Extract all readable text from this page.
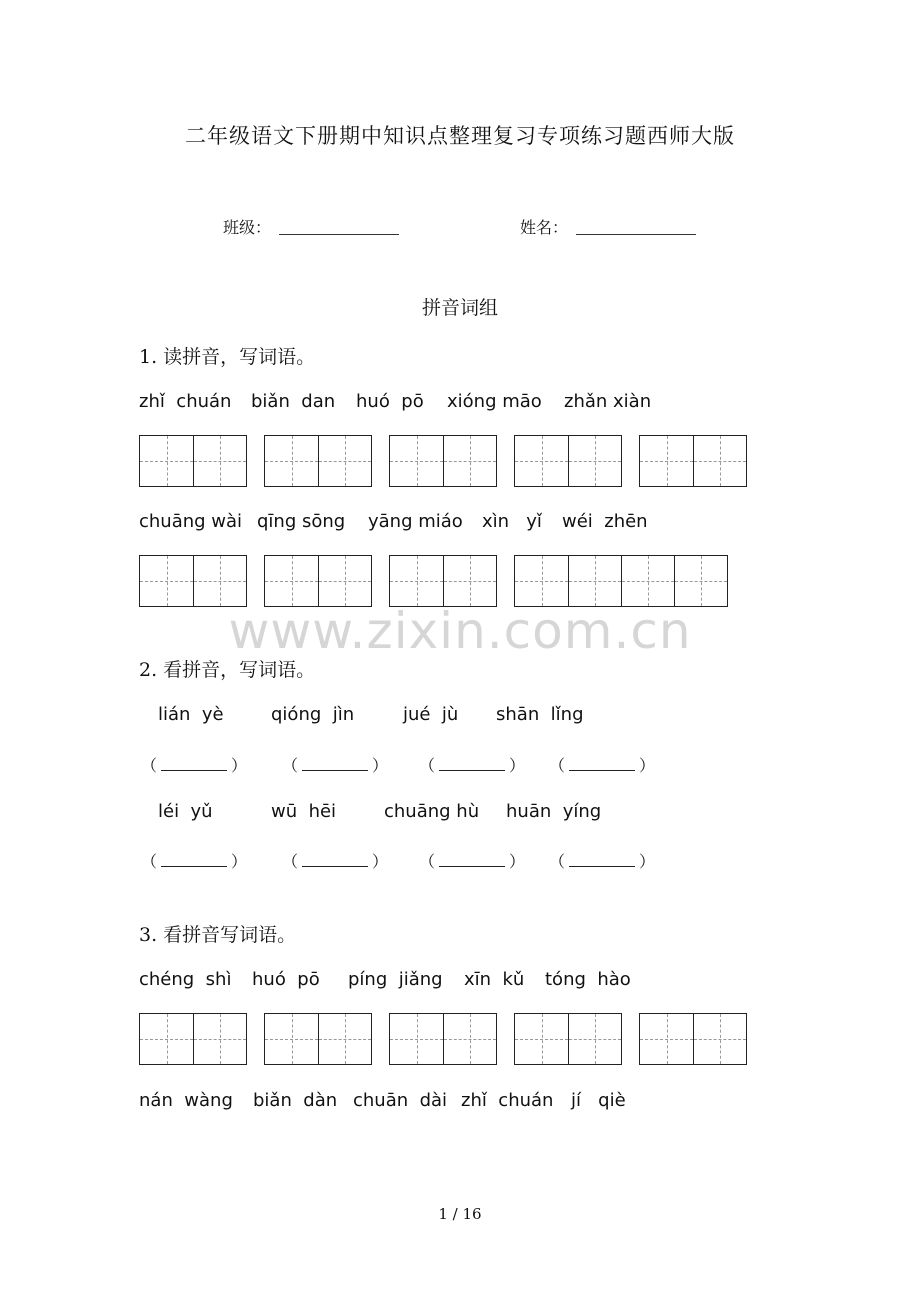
二年级语文下册期中知识点整理复习专项练习题西师大版
班级：	姓名：
拼音词组
1. 读拼音，写词语。
zhǐ  chuán biǎn  dan huó  pō xióng māo zhǎn xiàn
chuāng wài qīng sōng yāng miáo xìn   yǐ wéi  zhēn
www.zixin.com.cn
2. 看拼音，写词语。
lián  yè	qióng  jìn	jué  jù shān  lǐng
（	） （	） （	） （	）
léi  yǔ	wū  hēi	chuāng hù huān  yíng
（	） （	） （	） （	）
3. 看拼音写词语。
chéng  shì huó  pō píng  jiǎng xīn  kǔ tóng  hào
nán  wàng biǎn  dàn chuān  dài zhǐ  chuán jí   qiè
1 / 16
